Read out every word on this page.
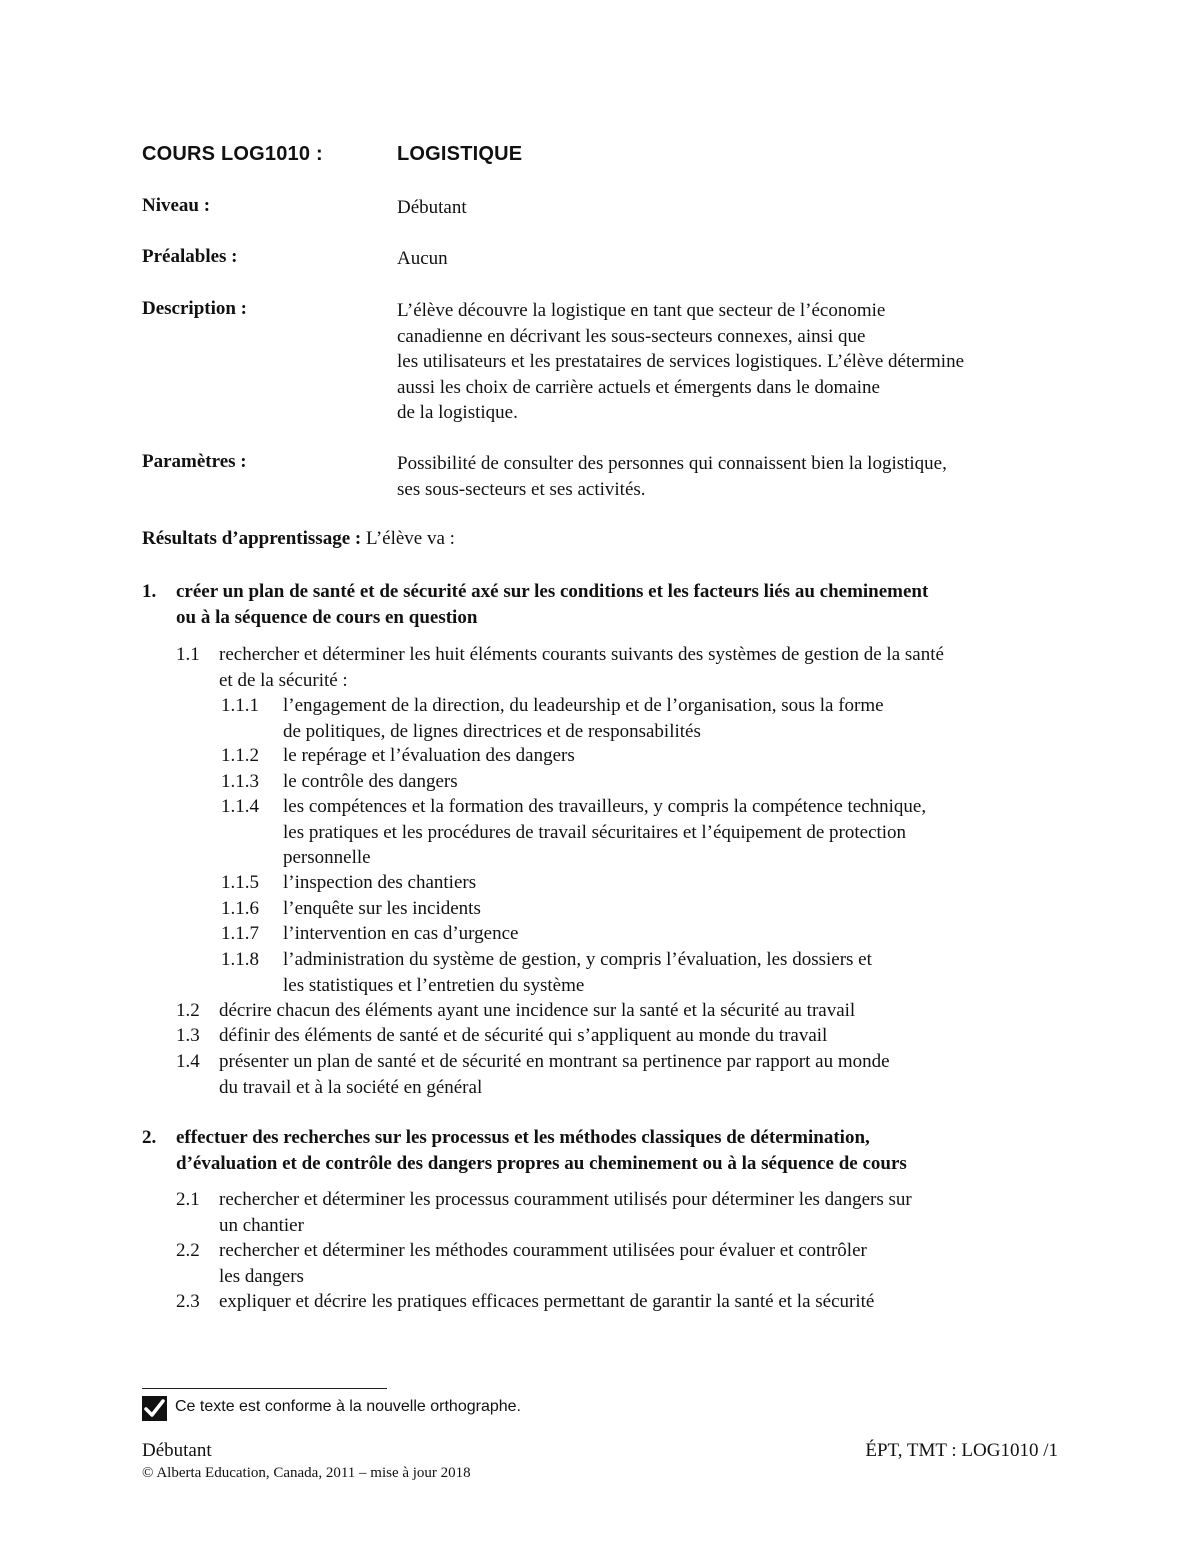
COURS LOG1010 :	LOGISTIQUE
Niveau :	Débutant
Préalables :	Aucun
Description :	L’élève découvre la logistique en tant que secteur de l’économie
canadienne en décrivant les sous-secteurs connexes, ainsi que
les utilisateurs et les prestataires de services logistiques. L’élève détermine
aussi les choix de carrière actuels et émergents dans le domaine
de la logistique.
Paramètres :	Possibilité de consulter des personnes qui connaissent bien la logistique,
ses sous-secteurs et ses activités.
Résultats d’apprentissage : L’élève va :
1. créer un plan de santé et de sécurité axé sur les conditions et les facteurs liés au cheminement
ou à la séquence de cours en question
1.1 rechercher et déterminer les huit éléments courants suivants des systèmes de gestion de la santé
et de la sécurité :
1.1.1 l’engagement de la direction, du leadeurship et de l’organisation, sous la forme
de politiques, de lignes directrices et de responsabilités
1.1.2 le repérage et l’évaluation des dangers
1.1.3 le contrôle des dangers
1.1.4 les compétences et la formation des travailleurs, y compris la compétence technique,
les pratiques et les procédures de travail sécuritaires et l’équipement de protection
personnelle
1.1.5 l’inspection des chantiers
1.1.6 l’enquête sur les incidents
1.1.7 l’intervention en cas d’urgence
1.1.8 l’administration du système de gestion, y compris l’évaluation, les dossiers et
les statistiques et l’entretien du système
1.2 décrire chacun des éléments ayant une incidence sur la santé et la sécurité au travail
1.3 définir des éléments de santé et de sécurité qui s’appliquent au monde du travail
1.4 présenter un plan de santé et de sécurité en montrant sa pertinence par rapport au monde
du travail et à la société en général
2. effectuer des recherches sur les processus et les méthodes classiques de détermination,
d’évaluation et de contrôle des dangers propres au cheminement ou à la séquence de cours
2.1 rechercher et déterminer les processus couramment utilisés pour déterminer les dangers sur
un chantier
2.2 rechercher et déterminer les méthodes couramment utilisées pour évaluer et contrôler
les dangers
2.3 expliquer et décrire les pratiques efficaces permettant de garantir la santé et la sécurité
Ce texte est conforme à la nouvelle orthographe.
Débutant	ÉPT, TMT : LOG1010 /1
© Alberta Education, Canada, 2011 – mise à jour 2018
